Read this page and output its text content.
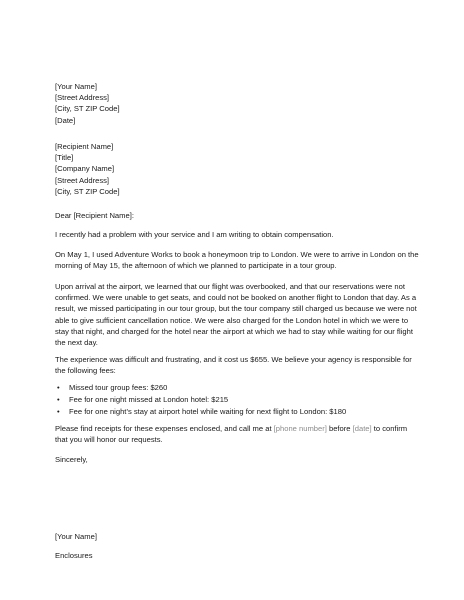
[Your Name]
[Street Address]
[City, ST ZIP Code]
[Date]
[Recipient Name]
[Title]
[Company Name]
[Street Address]
[City, ST ZIP Code]
Dear [Recipient Name]:
I recently had a problem with your service and I am writing to obtain compensation.
On May 1, I used Adventure Works to book a honeymoon trip to London. We were to arrive in London on the
morning of May 15, the afternoon of which we planned to participate in a tour group.
Upon arrival at the airport, we learned that our flight was overbooked, and that our reservations were not
confirmed. We were unable to get seats, and could not be booked on another flight to London that day. As a
result, we missed participating in our tour group, but the tour company still charged us because we were not
able to give sufficient cancellation notice. We were also charged for the London hotel in which we were to
stay that night, and charged for the hotel near the airport at which we had to stay while waiting for our flight
the next day.
The experience was difficult and frustrating, and it cost us $655. We believe your agency is responsible for
the following fees:
• Missed tour group fees: $260
• Fee for one night missed at London hotel: $215
• Fee for one night’s stay at airport hotel while waiting for next flight to London: $180
Please find receipts for these expenses enclosed, and call me at [phone number] before [date] to confirm
that you will honor our requests.
Sincerely,
[Your Name]
Enclosures
